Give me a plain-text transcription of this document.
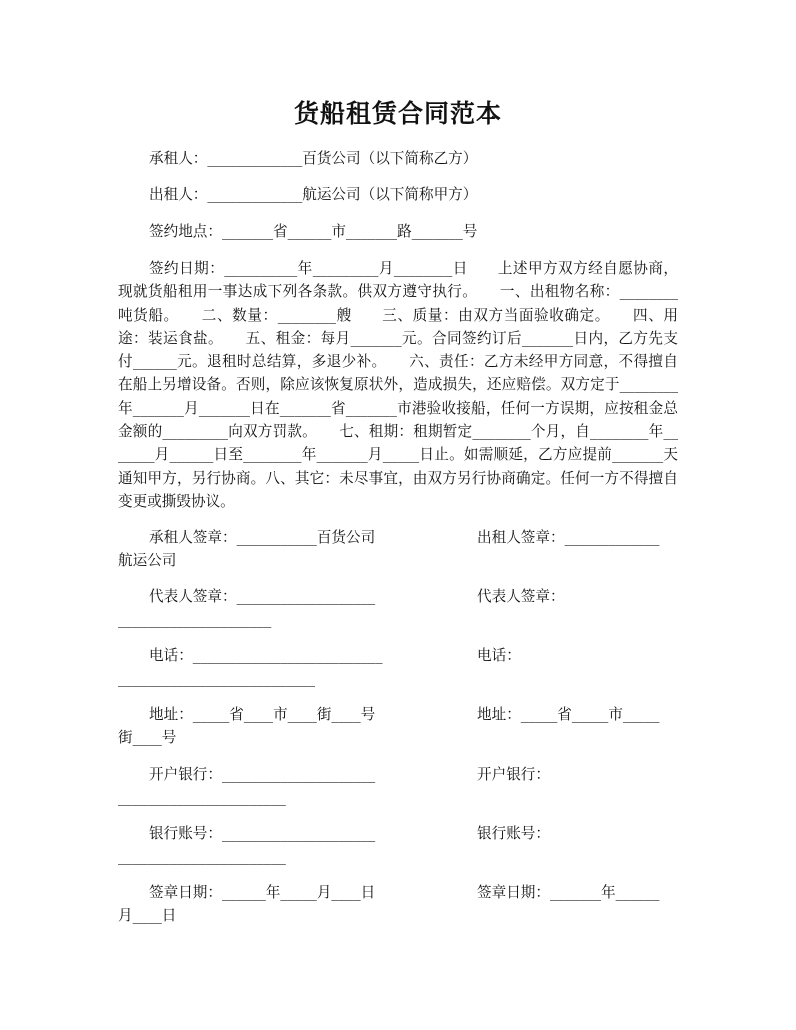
货船租赁合同范本

承租人：_____________百货公司（以下简称乙方）

出租人：_____________航运公司（以下简称甲方）

签约地点：_______省______市_______路_______号

签约日期：__________年_________月________日　　上述甲方双方经自愿协商，现就货船租用一事达成下列各条款。供双方遵守执行。　　一、出租物名称：________吨货船。　　二、数量：________艘　　三、质量：由双方当面验收确定。　　四、用途：装运食盐。　　五、租金：每月_______元。合同签约订后_______日内，乙方先支付______元。退租时总结算，多退少补。　　六、责任：乙方未经甲方同意，不得擅自在船上另增设备。否则，除应该恢复原状外，造成损失，还应赔偿。双方定于________年_______月_______日在_______省_______市港验收接船，任何一方误期，应按租金总金额的_________向双方罚款。　　七、租期：租期暂定________个月，自________年_______月______日至________年_______月_____日止。如需顺延，乙方应提前_______天通知甲方，另行协商。八、其它：未尽事宜，由双方另行协商确定。任何一方不得擅自变更或撕毁协议。

承租人签章：___________百货公司	出租人签章：_____________
航运公司
代表人签章：___________________	代表人签章：
_____________________
电话：__________________________	电话：
___________________________
地址：_____省____市____街____号	地址：_____省_____市_____
街____号
开户银行：_____________________	开户银行：
_______________________
银行账号：_____________________	银行账号：
_______________________
签章日期：______年_____月____日	签章日期：_______年______
月____日
